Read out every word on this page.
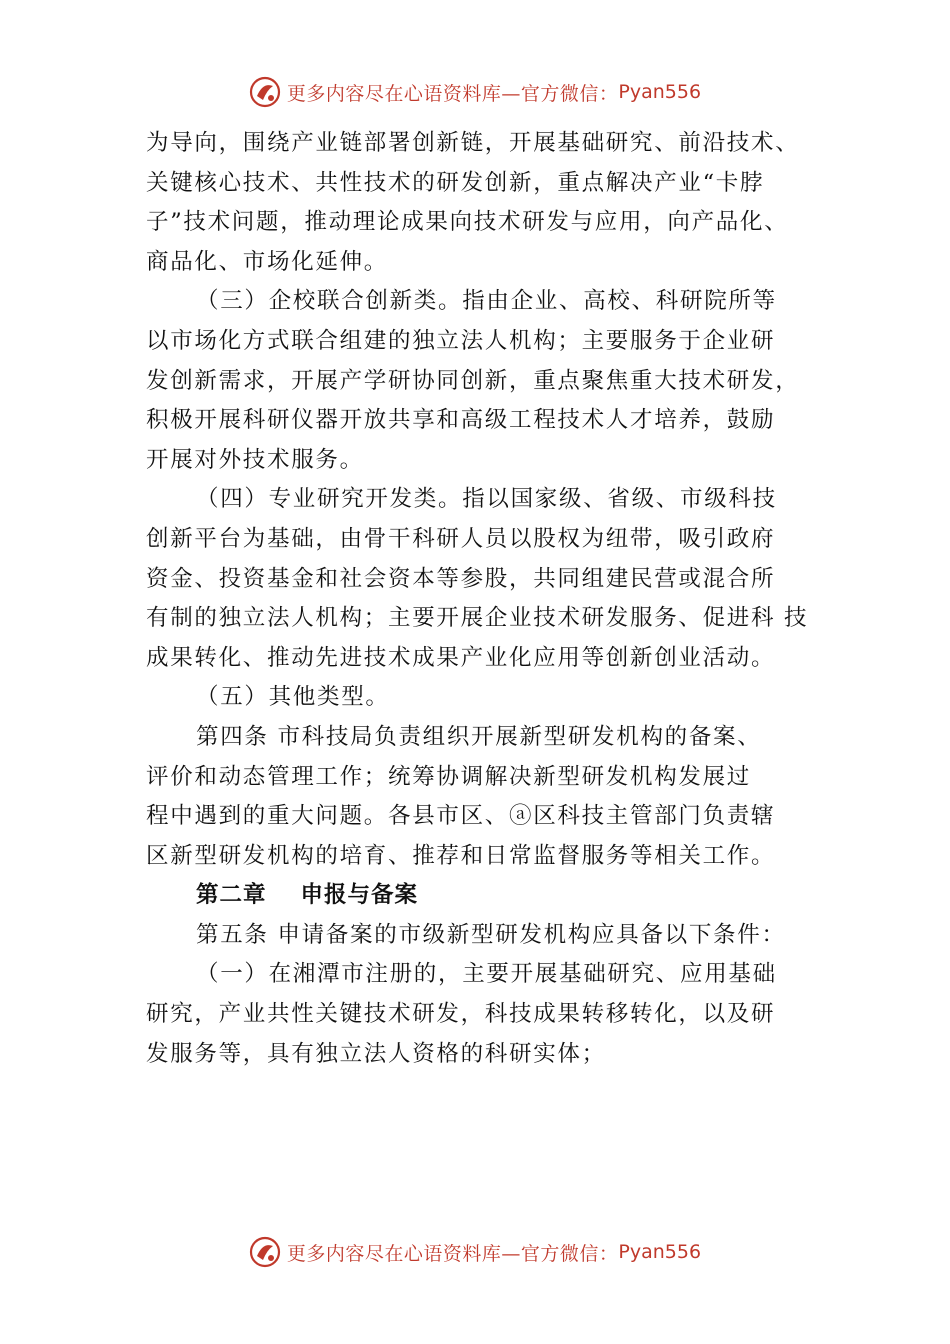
更多内容尽在心语资料库—官方微信： Pyan556
为导向，围绕产业链部署创新链，开展基础研究、前沿技术、
关键核心技术、共性技术的研发创新，重点解决产业“卡脖
子”技术问题，推动理论成果向技术研发与应用，向产品化、
商品化、市场化延伸。
（三）企校联合创新类。指由企业、高校、科研院所等
以市场化方式联合组建的独立法人机构；主要服务于企业研
发创新需求，开展产学研协同创新，重点聚焦重大技术研发，
积极开展科研仪器开放共享和高级工程技术人才培养，鼓励
开展对外技术服务。
（四）专业研究开发类。指以国家级、省级、市级科技
创新平台为基础，由骨干科研人员以股权为纽带，吸引政府
资金、投资基金和社会资本等参股，共同组建民营或混合所
有制的独立法人机构；主要开展企业技术研发服务、促进科 技
成果转化、推动先进技术成果产业化应用等创新创业活动。
（五）其他类型。
第四条 市科技局负责组织开展新型研发机构的备案、
评价和动态管理工作；统筹协调解决新型研发机构发展过
程中遇到的重大问题。各县市区、ⓐ区科技主管部门负责辖
区新型研发机构的培育、推荐和日常监督服务等相关工作。
第二章 申报与备案
第五条 申请备案的市级新型研发机构应具备以下条件：
（一）在湘潭市注册的，主要开展基础研究、应用基础
研究，产业共性关键技术研发，科技成果转移转化，以及研
发服务等，具有独立法人资格的科研实体；
更多内容尽在心语资料库—官方微信： Pyan556
